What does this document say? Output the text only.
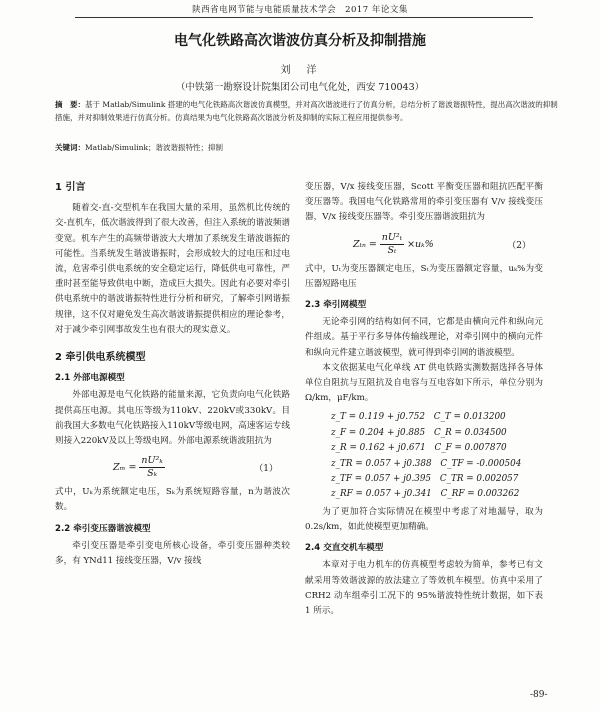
陕西省电网节能与电能质量技术学会　2017 年论文集
电气化铁路高次谐波仿真分析及抑制措施
刘　洋
（中铁第一勘察设计院集团公司电气化处，西安 710043）
摘　要：基于 Matlab/Simulink 搭建的电气化铁路高次谐波仿真模型，并对高次谐波进行了仿真分析，总结分析了谐波谐振特性，提出高次谐波的抑制措施，并对抑制效果进行仿真分析。仿真结果为电气化铁路高次谐波分析及抑制的实际工程应用提供参考。
关键词：Matlab/Simulink；谐波谐振特性；抑制
1 引言

随着交-直-交型机车在我国大量的采用，虽然机比传统的交-直机车，低次谐波得到了很大改善，但注入系统的谐波频谱变宽。机车产生的高频带谐波大大增加了系统发生谐波谐振的可能性。当系统发生谐波谐振时，会形成较大的过电压和过电流，危害牵引供电系统的安全稳定运行，降低供电可靠性，严重时甚至能导致供电中断，造成巨大损失。因此有必要对牵引供电系统中的谐波谐振特性进行分析和研究，了解牵引网谐振规律，这不仅对避免发生高次谐波谐振提供相应的理论参考，对于减少牵引网事故发生也有很大的现实意义。

2 牵引供电系统模型
2.1 外部电源模型

外部电源是电气化铁路的能量来源，它负责向电气化铁路提供高压电源。其电压等级为110kV、220kV或330kV。目前我国大多数电气化铁路接入110kV等级电网，高速客运专线则接入220kV及以上等级电网。外部电源系统谐波阻抗为

$Z_m = \frac{\text{nU²ₖ}}{\text{Sₖ}}$	（1）

式中，Uₖ为系统额定电压，Sₖ为系统短路容量，n为谐波次数。

2.2 牵引变压器谐波模型

牵引变压器是牵引变电所核心设备，牵引变压器种类较多，有 YNd11 接线变压器，V/v 接线

变压器，V/x 接线变压器，Scott 平衡变压器和阻抗匹配平衡变压器等。我国电气化铁路常用的牵引变压器有 V/v 接线变压器，V/x 接线变压器等。牵引变压器谐波阻抗为

$Z_{tn} = \frac{\text{nU²ₜ}}{\text{Sₜ}} \times u_k\%$	（2）

式中，Uₜ为变压器额定电压，Sₜ为变压器额定容量，uₖ%为变压器短路电压

2.3 牵引网模型

无论牵引网的结构如何不同，它都是由横向元件和纵向元件组成。基于平行多导体传输线理论，对牵引网中的横向元件和纵向元件建立谐波模型，就可得到牵引网的谐波模型。

本文依据某电气化单线 AT 供电铁路实测数据选择各导体单位自阻抗与互阻抗及自电容与互电容如下所示，单位分别为 Ω/km，μF/km。

z_T = 0.119 + j0.752　C_T = 0.013200
z_F = 0.204 + j0.885　C_R = 0.034500
z_R = 0.162 + j0.671　C_F = 0.007870
z_TR = 0.057 + j0.388　C_TF = -0.000504
z_TF = 0.057 + j0.395　C_TR = 0.002057
z_RF = 0.057 + j0.341　C_RF = 0.003262

为了更加符合实际情况在模型中考虑了对地漏导，取为 0.2s/km，如此使模型更加精确。

2.4 交直交机车模型

本章对于电力机车的仿真模型考虑较为简单，参考已有文献采用等效谐波源的放法建立了等效机车模型。仿真中采用了 CRH2 动车组牵引工况下的 95%谐波特性统计数据，如下表 1 所示。

-89-
